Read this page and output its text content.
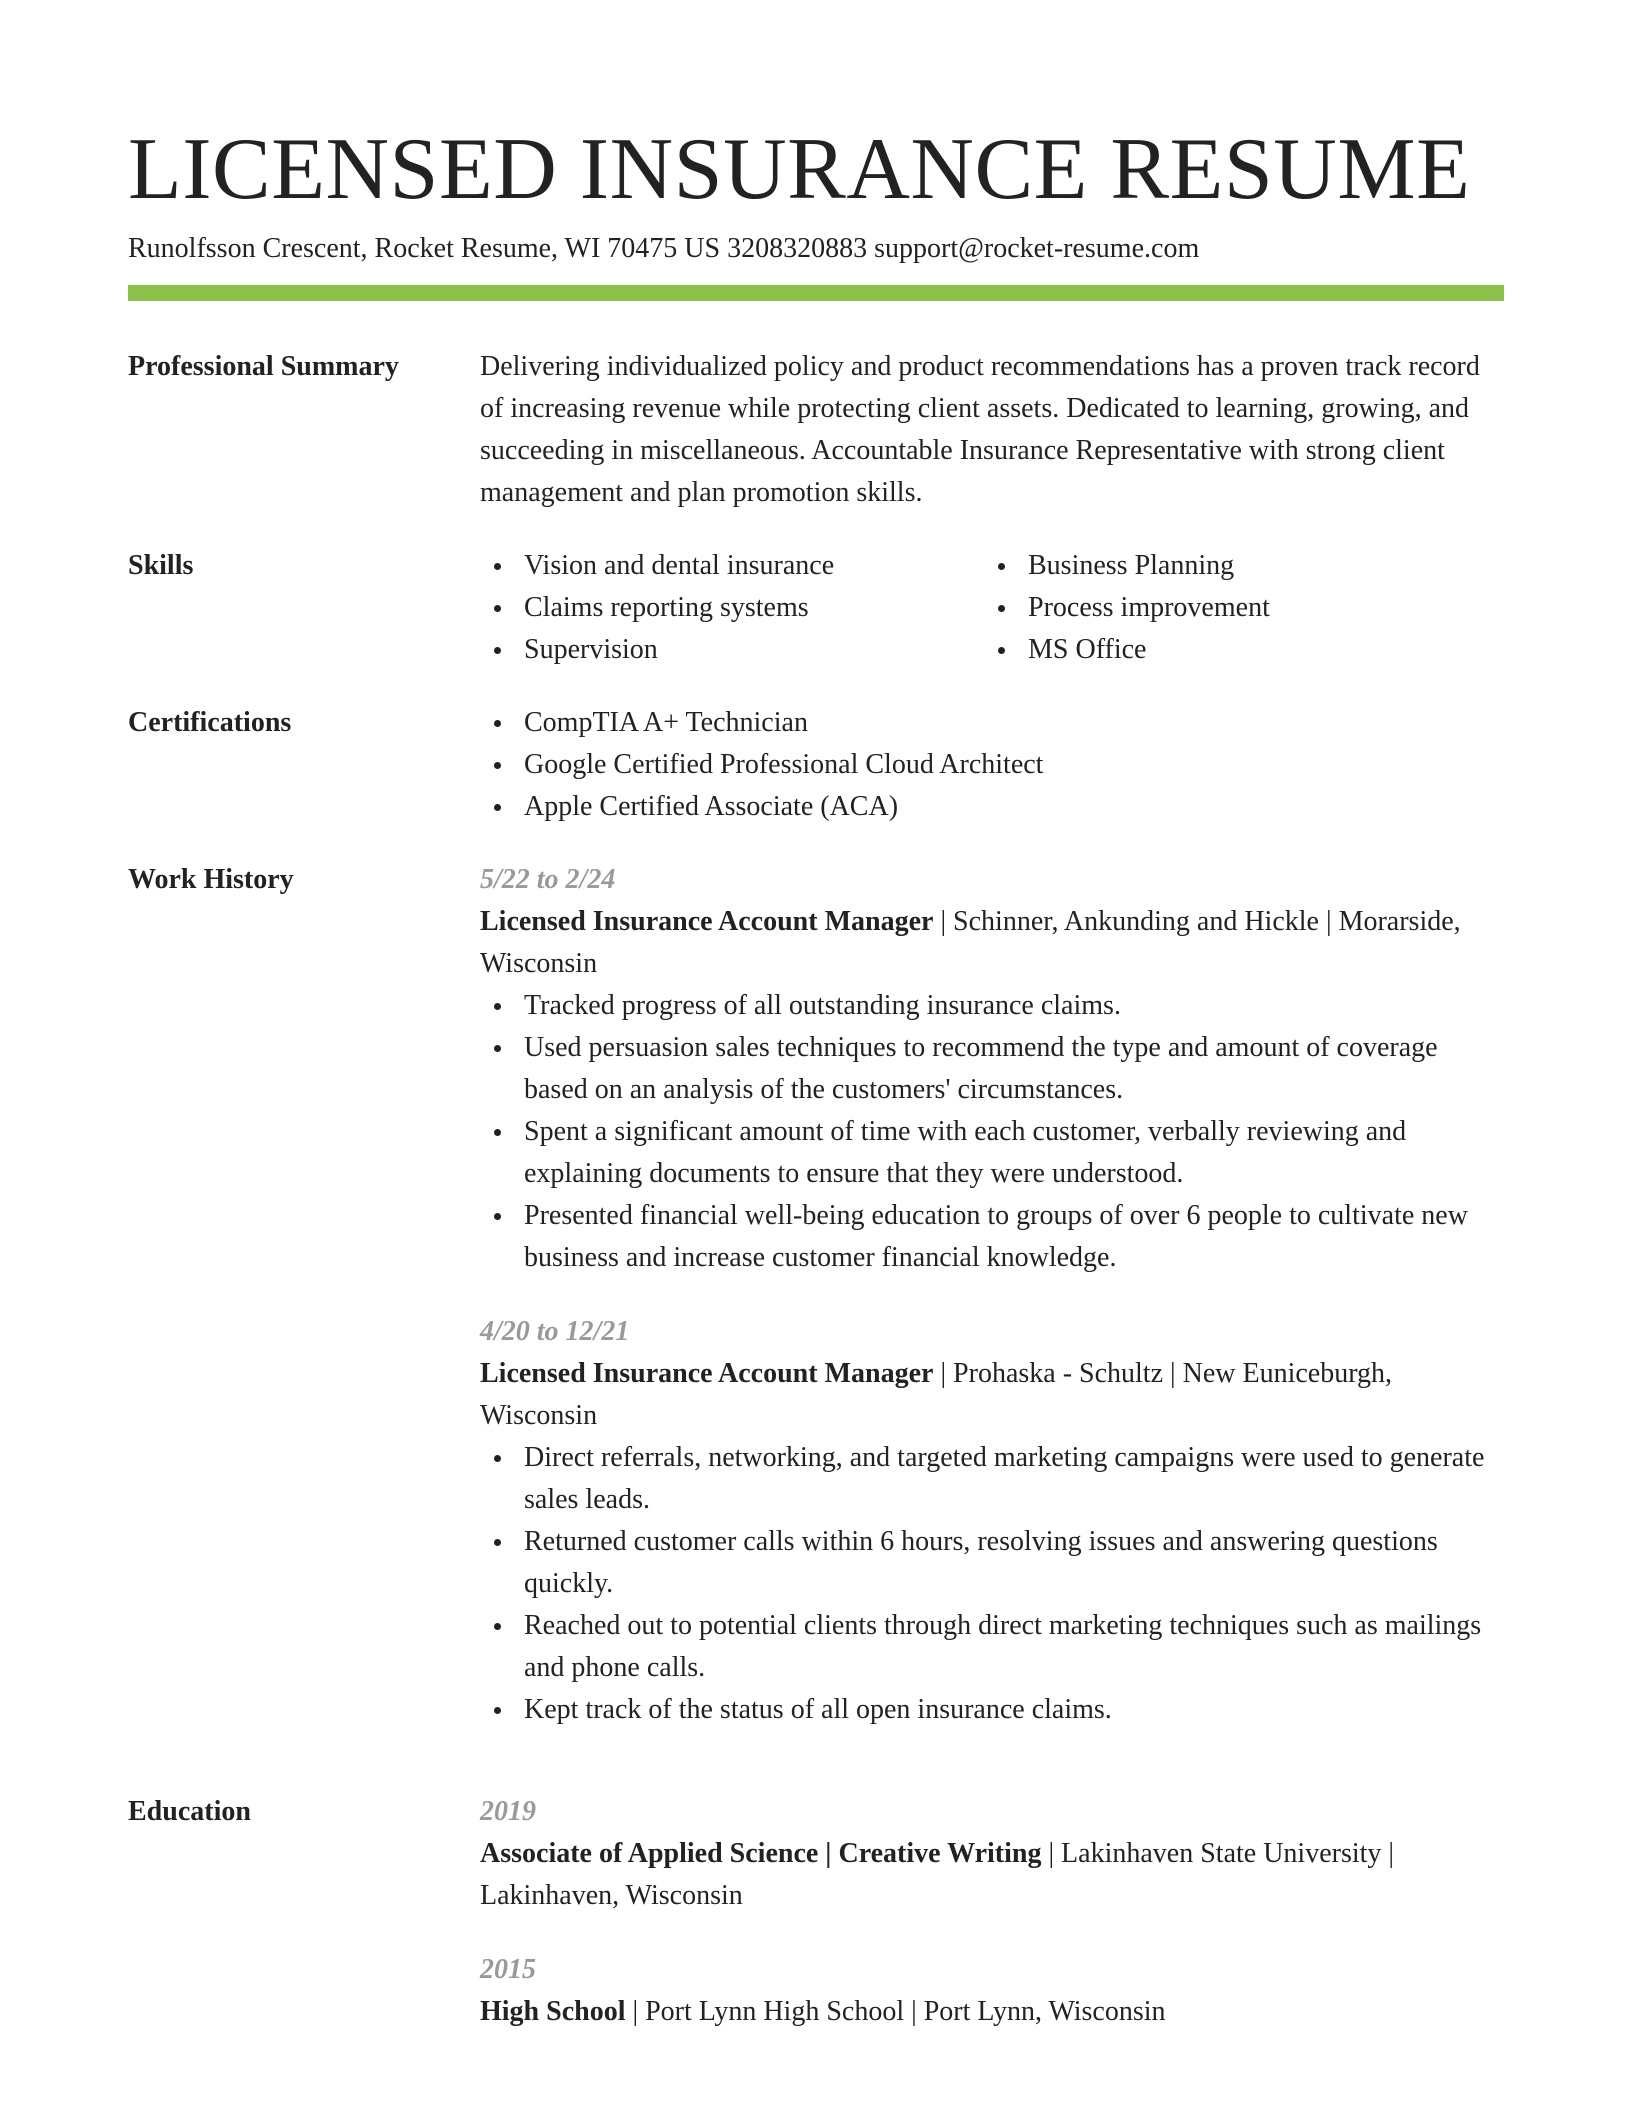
LICENSED INSURANCE RESUME
Runolfsson Crescent, Rocket Resume, WI 70475 US 3208320883 support@rocket-resume.com
Professional Summary	Delivering individualized policy and product recommendations has a proven track record of increasing revenue while protecting client assets. Dedicated to learning, growing, and succeeding in miscellaneous. Accountable Insurance Representative with strong client management and plan promotion skills.

Skills	Vision and dental insurance
Claims reporting systems
Supervision
Business Planning
Process improvement
MS Office
Certifications	CompTIA A+ Technician
Google Certified Professional Cloud Architect
Apple Certified Associate (ACA)
Work History	5/22 to 2/24
Licensed Insurance Account Manager | Schinner, Ankunding and Hickle | Morarside, Wisconsin
Tracked progress of all outstanding insurance claims.
Used persuasion sales techniques to recommend the type and amount of coverage based on an analysis of the customers' circumstances.
Spent a significant amount of time with each customer, verbally reviewing and explaining documents to ensure that they were understood.
Presented financial well-being education to groups of over 6 people to cultivate new business and increase customer financial knowledge.
4/20 to 12/21
Licensed Insurance Account Manager | Prohaska - Schultz | New Euniceburgh, Wisconsin
Direct referrals, networking, and targeted marketing campaigns were used to generate sales leads.
Returned customer calls within 6 hours, resolving issues and answering questions quickly.
Reached out to potential clients through direct marketing techniques such as mailings and phone calls.
Kept track of the status of all open insurance claims.
Education	2019
Associate of Applied Science | Creative Writing | Lakinhaven State University | Lakinhaven, Wisconsin
2015
High School | Port Lynn High School | Port Lynn, Wisconsin
